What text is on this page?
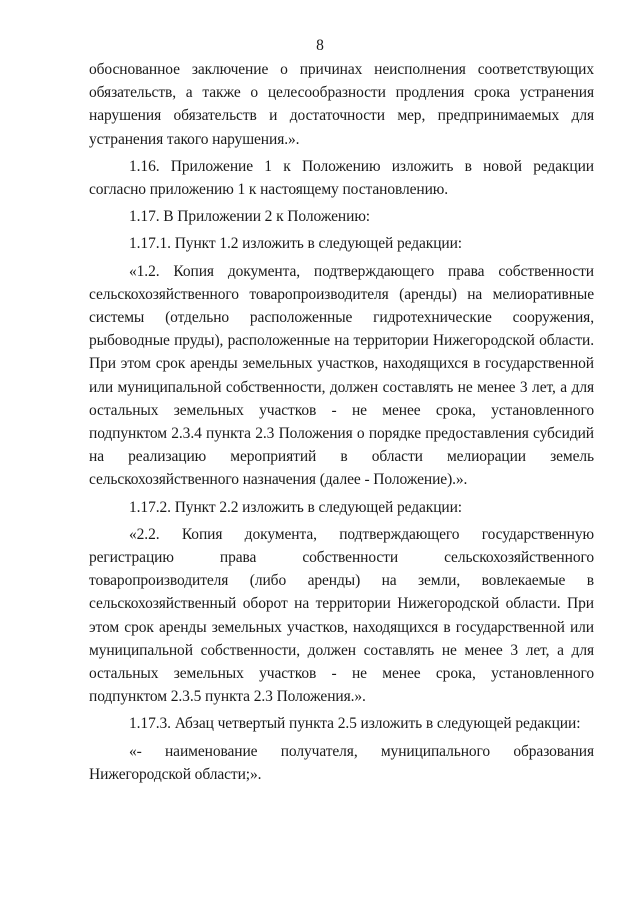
8

обоснованное заключение о причинах неисполнения соответствующих обязательств, а также о целесообразности продления срока устранения нарушения обязательств и достаточности мер, предпринимаемых для устранения такого нарушения.».

1.16. Приложение 1 к Положению изложить в новой редакции согласно приложению 1 к настоящему постановлению.

1.17. В Приложении 2 к Положению:

1.17.1. Пункт 1.2 изложить в следующей редакции:

«1.2. Копия документа, подтверждающего права собственности сельскохозяйственного товаропроизводителя (аренды) на мелиоративные системы (отдельно расположенные гидротехнические сооружения, рыбоводные пруды), расположенные на территории Нижегородской области. При этом срок аренды земельных участков, находящихся в государственной или муниципальной собственности, должен составлять не менее 3 лет, а для остальных земельных участков - не менее срока, установленного подпунктом 2.3.4 пункта 2.3 Положения о порядке предоставления субсидий на реализацию мероприятий в области мелиорации земель сельскохозяйственного назначения (далее - Положение).».

1.17.2. Пункт 2.2 изложить в следующей редакции:

«2.2. Копия документа, подтверждающего государственную регистрацию права собственности сельскохозяйственного товаропроизводителя (либо аренды) на земли, вовлекаемые в сельскохозяйственный оборот на территории Нижегородской области. При этом срок аренды земельных участков, находящихся в государственной или муниципальной собственности, должен составлять не менее 3 лет, а для остальных земельных участков - не менее срока, установленного подпунктом 2.3.5 пункта 2.3 Положения.».

1.17.3. Абзац четвертый пункта 2.5 изложить в следующей редакции:

«- наименование получателя, муниципального образования Нижегородской области;».
